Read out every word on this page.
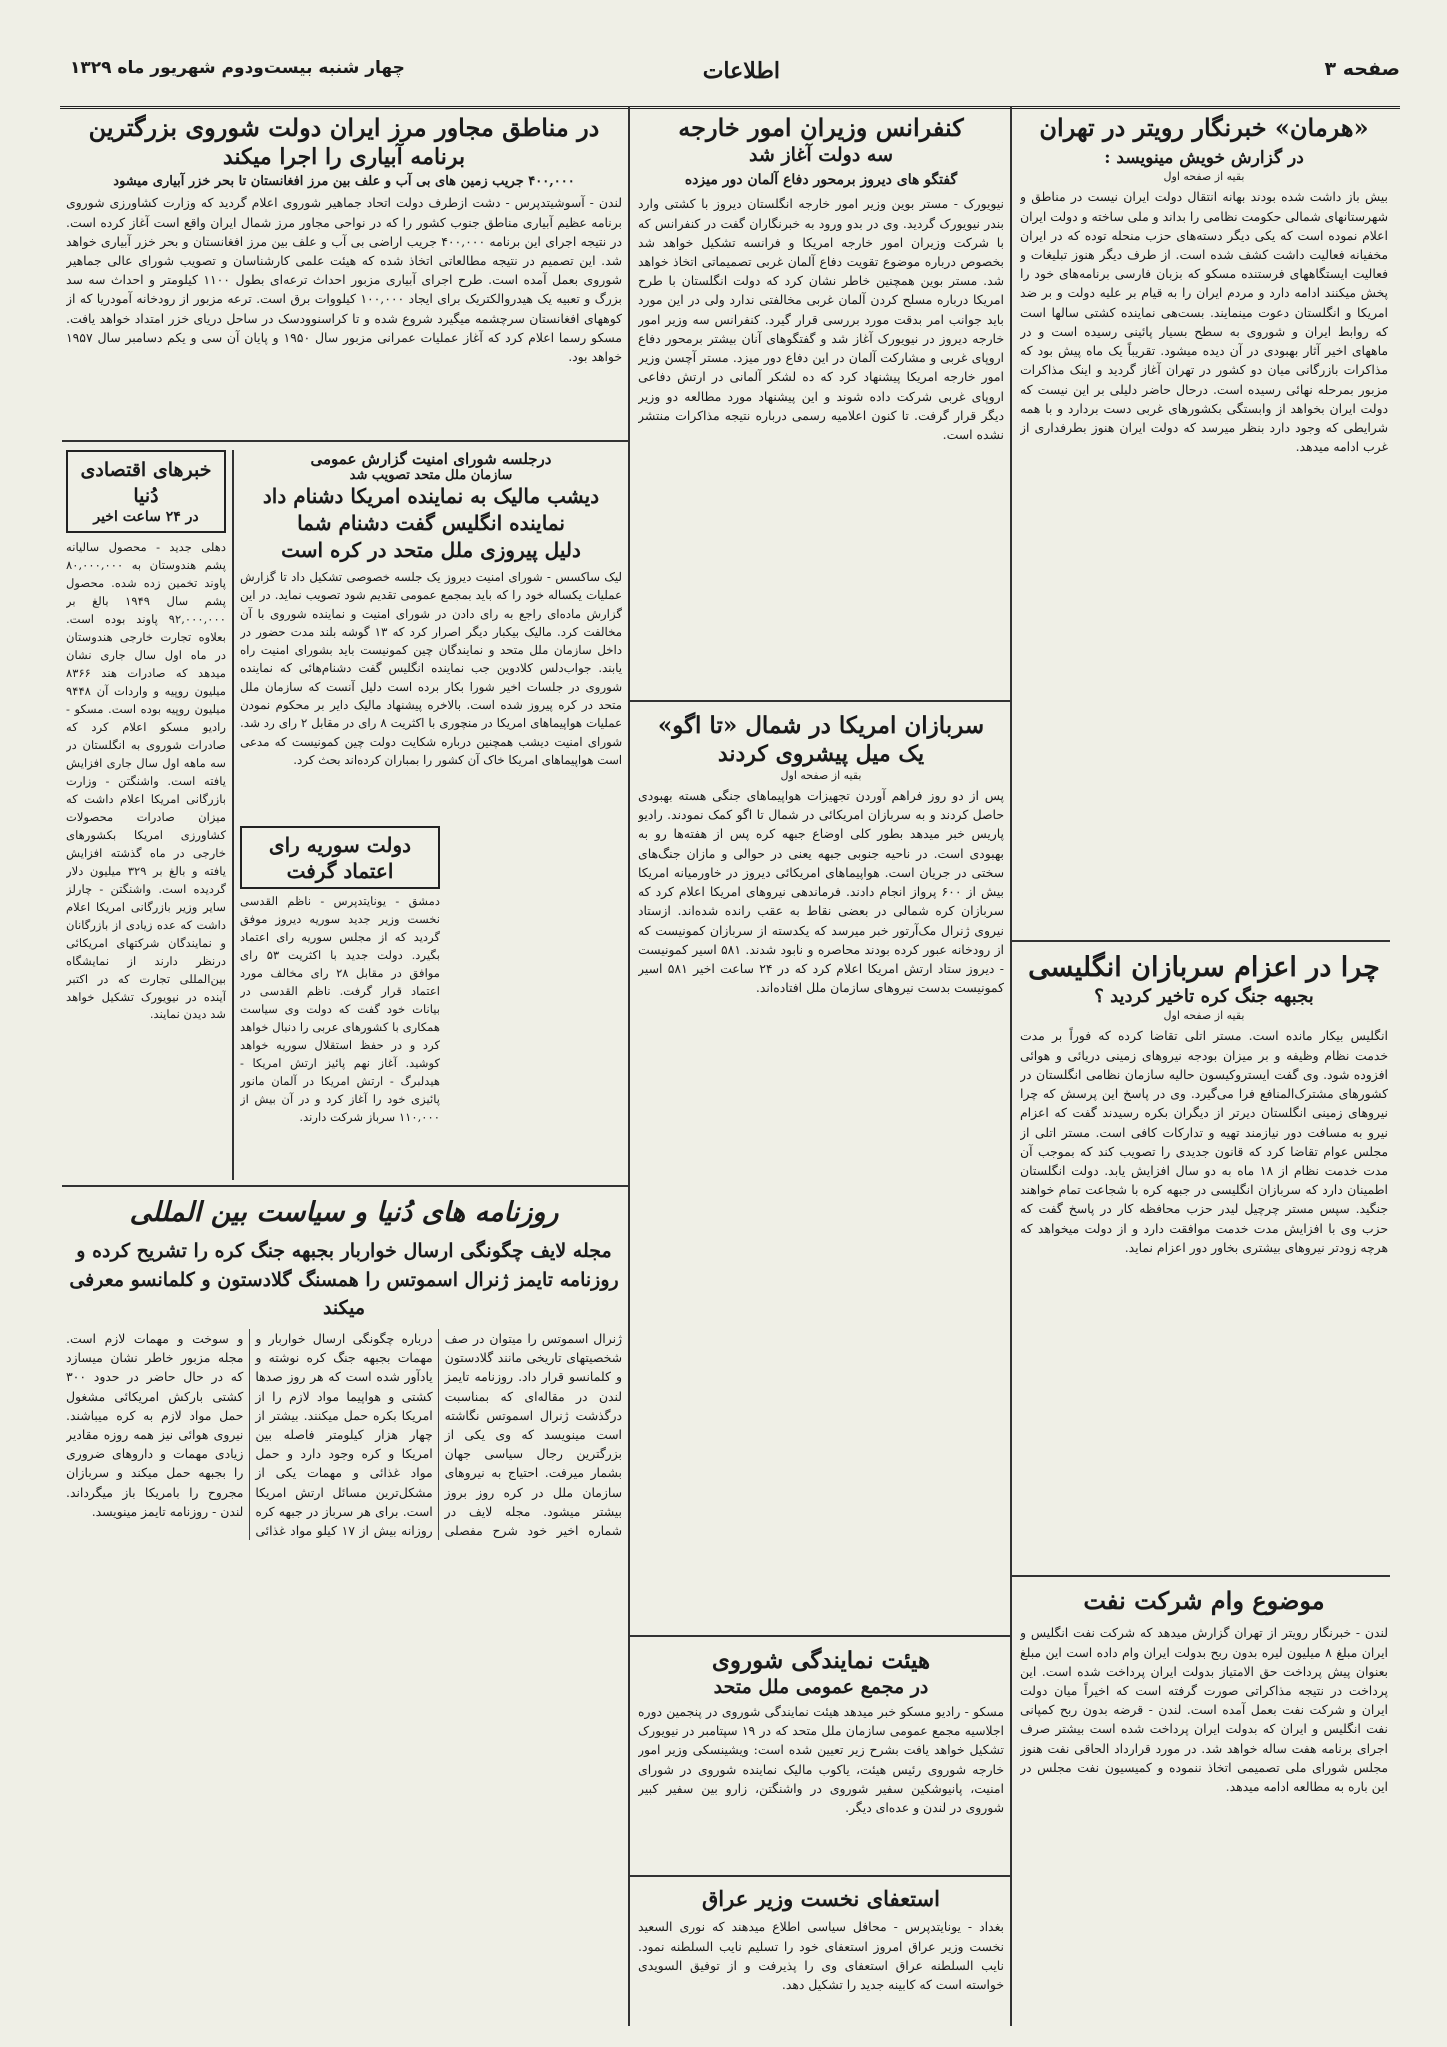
صفحه ۳
اطلاعات
چهار شنبه بیست‌ودوم شهریور ماه ۱۳۲۹
«هرمان» خبرنگار رویتر در تهران
در گزارش خویش مینویسد :

بقیه از صفحه اول

بیش باز داشت شده بودند بهانه انتقال دولت ایران نیست در مناطق و شهرستانهای شمالی حکومت نظامی را بداند و ملی ساخته و دولت ایران اعلام نموده است که یکی دیگر دسته‌های حزب منحله توده که در ایران مخفیانه فعالیت داشت کشف شده است. از طرف دیگر هنوز تبلیغات و فعالیت ایستگاههای فرستنده مسکو که بزبان فارسی برنامه‌های خود را پخش میکنند ادامه دارد و مردم ایران را به قیام بر علیه دولت و بر ضد امریکا و انگلستان دعوت مینمایند. بست‌هی نماینده کشتی سالها است که روابط ایران و شوروی به سطح بسیار پائینی رسیده است و در ماههای اخیر آثار بهبودی در آن دیده میشود. تقریباً یک ماه پیش بود که مذاکرات بازرگانی میان دو کشور در تهران آغاز گردید و اینک مذاکرات مزبور بمرحله نهائی رسیده است. درحال حاضر دلیلی بر این نیست که دولت ایران بخواهد از وابستگی بکشورهای غربی دست بردارد و با همه شرایطی که وجود دارد بنظر میرسد که دولت ایران هنوز بطرفداری از غرب ادامه میدهد.

چرا در اعزام سربازان انگلیسی
بجبهه جنگ کره تاخیر کردید ؟

بقیه از صفحه اول

انگلیس بیکار مانده است. مستر اتلی تقاضا کرده که فوراً بر مدت خدمت نظام وظیفه و بر میزان بودجه نیروهای زمینی دریائی و هوائی افزوده شود. وی گفت ایستروکیسون حالیه سازمان نظامی انگلستان در کشورهای مشترک‌المنافع فرا می‌گیرد. وی در پاسخ این پرسش که چرا نیروهای زمینی انگلستان دیرتر از دیگران بکره رسیدند گفت که اعزام نیرو به مسافت دور نیازمند تهیه و تدارکات کافی است. مستر اتلی از مجلس عوام تقاضا کرد که قانون جدیدی را تصویب کند که بموجب آن مدت خدمت نظام از ۱۸ ماه به دو سال افزایش یابد. دولت انگلستان اطمینان دارد که سربازان انگلیسی در جبهه کره با شجاعت تمام خواهند جنگید. سپس مستر چرچیل لیدر حزب محافظه کار در پاسخ گفت که حزب وی با افزایش مدت خدمت موافقت دارد و از دولت میخواهد که هرچه زودتر نیروهای بیشتری بخاور دور اعزام نماید.

موضوع وام شرکت نفت

لندن - خبرنگار رویتر از تهران گزارش میدهد که شرکت نفت انگلیس و ایران مبلغ ۸ میلیون لیره بدون ربح بدولت ایران وام داده است این مبلغ بعنوان پیش پرداخت حق الامتیاز بدولت ایران پرداخت شده است. این پرداخت در نتیجه مذاکراتی صورت گرفته است که اخیراً میان دولت ایران و شرکت نفت بعمل آمده است. لندن - قرضه بدون ربح کمپانی نفت انگلیس و ایران که بدولت ایران پرداخت شده است بیشتر صرف اجرای برنامه هفت ساله خواهد شد. در مورد قرارداد الحاقی نفت هنوز مجلس شورای ملی تصمیمی اتخاذ ننموده و کمیسیون نفت مجلس در این باره به مطالعه ادامه میدهد.

کنفرانس وزیران امور خارجه
سه دولت آغاز شد
گفتگو های دیروز برمحور دفاع آلمان دور میزده

نیویورک - مستر بوین وزیر امور خارجه انگلستان دیروز با کشتی وارد بندر نیویورک گردید. وی در بدو ورود به خبرنگاران گفت در کنفرانس که با شرکت وزیران امور خارجه امریکا و فرانسه تشکیل خواهد شد بخصوص درباره موضوع تقویت دفاع آلمان غربی تصمیماتی اتخاذ خواهد شد. مستر بوین همچنین خاطر نشان کرد که دولت انگلستان با طرح امریکا درباره مسلح کردن آلمان غربی مخالفتی ندارد ولی در این مورد باید جوانب امر بدقت مورد بررسی قرار گیرد. کنفرانس سه وزیر امور خارجه دیروز در نیویورک آغاز شد و گفتگوهای آنان بیشتر برمحور دفاع اروپای غربی و مشارکت آلمان در این دفاع دور میزد. مستر آچسن وزیر امور خارجه امریکا پیشنهاد کرد که ده لشکر آلمانی در ارتش دفاعی اروپای غربی شرکت داده شوند و این پیشنهاد مورد مطالعه دو وزیر دیگر قرار گرفت. تا کنون اعلامیه رسمی درباره نتیجه مذاکرات منتشر نشده است.

سربازان امریکا در شمال «تا اگو»
یک میل پیشروی کردند

بقیه از صفحه اول

پس از دو روز فراهم آوردن تجهیزات هواپیماهای جنگی هسته بهبودی حاصل کردند و به سربازان امریکائی در شمال تا اگو کمک نمودند. رادیو پاریس خبر میدهد بطور کلی اوضاع جبهه کره پس از هفته‌ها رو به بهبودی است. در ناحیه جنوبی جبهه یعنی در حوالی و مازان جنگ‌های سختی در جریان است. هواپیماهای امریکائی دیروز در خاورمیانه امریکا بیش از ۶۰۰ پرواز انجام دادند. فرماندهی نیروهای امریکا اعلام کرد که سربازان کره شمالی در بعضی نقاط به عقب رانده شده‌اند. ازستاد نیروی ژنرال مک‌آرتور خبر میرسد که یکدسته از سربازان کمونیست که از رودخانه عبور کرده بودند محاصره و نابود شدند. ۵۸۱ اسیر کمونیست - دیروز ستاد ارتش امریکا اعلام کرد که در ۲۴ ساعت اخیر ۵۸۱ اسیر کمونیست بدست نیروهای سازمان ملل افتاده‌اند.

هیئت نمایندگی شوروی
در مجمع عمومی ملل متحد

مسکو - رادیو مسکو خبر میدهد هیئت نمایندگی شوروی در پنجمین دوره اجلاسیه مجمع عمومی سازمان ملل متحد که در ۱۹ سپتامبر در نیویورک تشکیل خواهد یافت بشرح زیر تعیین شده است: ویشینسکی وزیر امور خارجه شوروی رئیس هیئت، یاکوب مالیک نماینده شوروی در شورای امنیت، پانیوشکین سفیر شوروی در واشنگتن، زارو بین سفیر کبیر شوروی در لندن و عده‌ای دیگر.

استعفای نخست وزیر عراق

بغداد - یونایتدپرس - محافل سیاسی اطلاع میدهند که نوری السعید نخست وزیر عراق امروز استعفای خود را تسلیم نایب السلطنه نمود. نایب السلطنه عراق استعفای وی را پذیرفت و از توفیق السویدی خواسته است که کابینه جدید را تشکیل دهد.

در مناطق مجاور مرز ایران دولت شوروی بزرگترین
برنامه آبیاری را اجرا میکند
۴۰۰,۰۰۰ جریب زمین های بی آب و علف بین مرز افغانستان تا بحر خزر آبیاری میشود

لندن - آسوشیتدپرس - دشت ازطرف دولت اتحاد جماهیر شوروی اعلام گردید که وزارت کشاورزی شوروی برنامه عظیم آبیاری مناطق جنوب کشور را که در نواحی مجاور مرز شمال ایران واقع است آغاز کرده است. در نتیجه اجرای این برنامه ۴۰۰,۰۰۰ جریب اراضی بی آب و علف بین مرز افغانستان و بحر خزر آبیاری خواهد شد. این تصمیم در نتیجه مطالعاتی اتخاذ شده که هیئت علمی کارشناسان و تصویب شورای عالی جماهیر شوروی بعمل آمده است. طرح اجرای آبیاری مزبور احداث ترعه‌ای بطول ۱۱۰۰ کیلومتر و احداث سه سد بزرگ و تعبیه یک هیدروالکتریک برای ایجاد ۱۰۰,۰۰۰ کیلووات برق است. ترعه مزبور از رودخانه آمودریا که از کوههای افغانستان سرچشمه میگیرد شروع شده و تا کراسنوودسک در ساحل دریای خزر امتداد خواهد یافت. مسکو رسما اعلام کرد که آغاز عملیات عمرانی مزبور سال ۱۹۵۰ و پایان آن سی و یکم دسامبر سال ۱۹۵۷ خواهد بود.

خبرهای اقتصادی دُنیا
در ۲۴ ساعت اخیر

دهلی جدید - محصول سالیانه پشم هندوستان به ۸۰,۰۰۰,۰۰۰ پاوند تخمین زده شده. محصول پشم سال ۱۹۴۹ بالغ بر ۹۲,۰۰۰,۰۰۰ پاوند بوده است. بعلاوه تجارت خارجی هندوستان در ماه اول سال جاری نشان میدهد که صادرات هند ۸۳۶۶ میلیون روپیه و واردات آن ۹۴۴۸ میلیون روپیه بوده است. مسکو - رادیو مسکو اعلام کرد که صادرات شوروی به انگلستان در سه ماهه اول سال جاری افزایش یافته است. واشنگتن - وزارت بازرگانی امریکا اعلام داشت که میزان صادرات محصولات کشاورزی امریکا بکشورهای خارجی در ماه گذشته افزایش یافته و بالغ بر ۳۲۹ میلیون دلار گردیده است. واشنگتن - چارلز سایر وزیر بازرگانی امریکا اعلام داشت که عده زیادی از بازرگانان و نمایندگان شرکتهای امریکائی درنظر دارند از نمایشگاه بین‌المللی تجارت که در اکتبر آینده در نیویورک تشکیل خواهد شد دیدن نمایند.

درجلسه شورای امنیت گزارش عمومی
سازمان ملل متحد تصویب شد
دیشب مالیک به نماینده امریکا دشنام داد
نماینده انگلیس گفت دشنام شما
دلیل پیروزی ملل متحد در کره است

لیک ساکسس - شورای امنیت دیروز یک جلسه خصوصی تشکیل داد تا گزارش عملیات یکساله خود را که باید بمجمع عمومی تقدیم شود تصویب نماید. در این گزارش ماده‌ای راجع به رای دادن در شورای امنیت و نماینده شوروی با آن مخالفت کرد. مالیک بیکبار دیگر اصرار کرد که ۱۳ گوشه بلند مدت حضور در داخل سازمان ملل متحد و نمایندگان چین کمونیست باید بشورای امنیت راه یابند. جواب‌دلس کلادوین جب نماینده انگلیس گفت دشنام‌هائی که نماینده شوروی در جلسات اخیر شورا بکار برده است دلیل آنست که سازمان ملل متحد در کره پیروز شده است. بالاخره پیشنهاد مالیک دایر بر محکوم نمودن عملیات هواپیماهای امریکا در منچوری با اکثریت ۸ رای در مقابل ۲ رای رد شد. شورای امنیت دیشب همچنین درباره شکایت دولت چین کمونیست که مدعی است هواپیماهای امریکا خاک آن کشور را بمباران کرده‌اند بحث کرد.

دولت سوریه رای
اعتماد گرفت

دمشق - یونایتدپرس - ناظم القدسی نخست وزیر جدید سوریه دیروز موفق گردید که از مجلس سوریه رای اعتماد بگیرد. دولت جدید با اکثریت ۵۳ رای موافق در مقابل ۲۸ رای مخالف مورد اعتماد قرار گرفت. ناظم القدسی در بیانات خود گفت که دولت وی سیاست همکاری با کشورهای عربی را دنبال خواهد کرد و در حفظ استقلال سوریه خواهد کوشید. آغاز نهم پائیز ارتش امریکا - هیدلبرگ - ارتش امریکا در آلمان مانور پائیزی خود را آغاز کرد و در آن بیش از ۱۱۰,۰۰۰ سرباز شرکت دارند.

روزنامه های دُنیا و سیاست بین المللی
مجله لایف چگونگی ارسال خواربار بجبهه جنگ کره را تشریح کرده و روزنامه تایمز ژنرال اسموتس را همسنگ گلادستون و کلمانسو معرفی میکند

ژنرال اسموتس را میتوان در صف شخصیتهای تاریخی مانند گلادستون و کلمانسو قرار داد. روزنامه تایمز لندن در مقاله‌ای که بمناسبت درگذشت ژنرال اسموتس نگاشته است مینویسد که وی یکی از بزرگترین رجال سیاسی جهان بشمار میرفت. احتیاج به نیروهای سازمان ملل در کره روز بروز بیشتر میشود. مجله لایف در شماره اخیر خود شرح مفصلی درباره چگونگی ارسال خواربار و مهمات بجبهه جنگ کره نوشته و یادآور شده است که هر روز صدها کشتی و هواپیما مواد لازم را از امریکا بکره حمل میکنند. بیشتر از چهار هزار کیلومتر فاصله بین امریکا و کره وجود دارد و حمل مواد غذائی و مهمات یکی از مشکل‌ترین مسائل ارتش امریکا است. برای هر سرباز در جبهه کره روزانه بیش از ۱۷ کیلو مواد غذائی و سوخت و مهمات لازم است. مجله مزبور خاطر نشان میسازد که در حال حاضر در حدود ۳۰۰ کشتی بارکش امریکائی مشغول حمل مواد لازم به کره میباشند. نیروی هوائی نیز همه روزه مقادیر زیادی مهمات و داروهای ضروری را بجبهه حمل میکند و سربازان مجروح را بامریکا باز میگرداند. لندن - روزنامه تایمز مینویسد.
